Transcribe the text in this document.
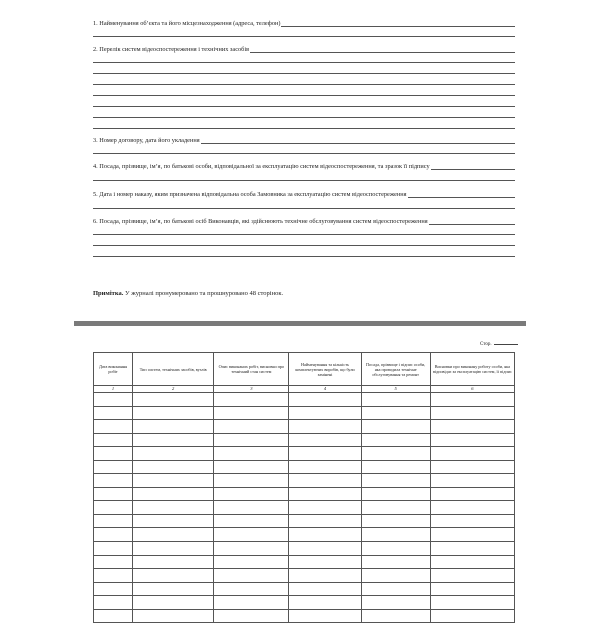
1. Найменування об’єкта та його місцезнаходження (адреса, телефон)
2. Перелік систем відеоспостереження і технічних засобів
3. Номер договору, дата його укладення
4. Посада, прізвище, ім’я, по батькові особи, відповідальної за експлуатацію систем відеоспостереження, та зразок її підпису
5. Дата і номер наказу, яким призначена відповідальна особа Замовника за експлуатацію систем відеоспостереження
6. Посада, прізвище, ім’я, по батькові осіб Виконавців, які здійснюють технічне обслуговування систем відеоспостереження
Примітка. У журналі пронумеровано та прошнуровано 48 сторінок.
Стор.
Дата виконання робіт	Тип систем, технічних засобів, вузлів	Опис виконаних робіт, висновки про технічний стан систем	Найменування та кількість комплектуючих виробів, що були замінені	Посада, прізвище і підпис особи, яка проводила технічне обслуговування та ремонт	Висновки про виконану роботу особи, яка відповідає за експлуатацію систем, її підпис
1	2	3	4	5	6
